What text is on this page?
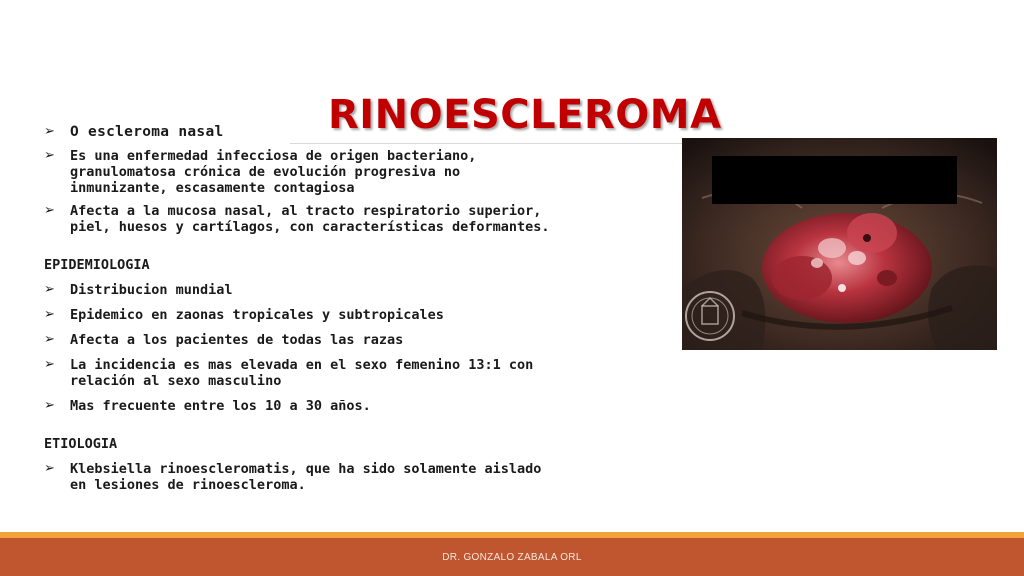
RINOESCLEROMA
➢ O escleroma nasal
➢ Es una enfermedad infecciosa de origen bacteriano, granulomatosa crónica de evolución progresiva no inmunizante, escasamente contagiosa
➢ Afecta a la mucosa nasal, al tracto respiratorio superior, piel, huesos y cartílagos, con características deformantes.
EPIDEMIOLOGIA
➢ Distribucion mundial
➢ Epidemico en zaonas tropicales y subtropicales
➢ Afecta a los pacientes de todas las razas
➢ La incidencia es mas elevada en el sexo femenino 13:1 con relación al sexo masculino
➢ Mas frecuente entre los 10 a 30 años.
ETIOLOGIA
➢ Klebsiella rinoescleromatis, que ha sido solamente aislado en lesiones de rinoescleroma.
DR. GONZALO ZABALA ORL
